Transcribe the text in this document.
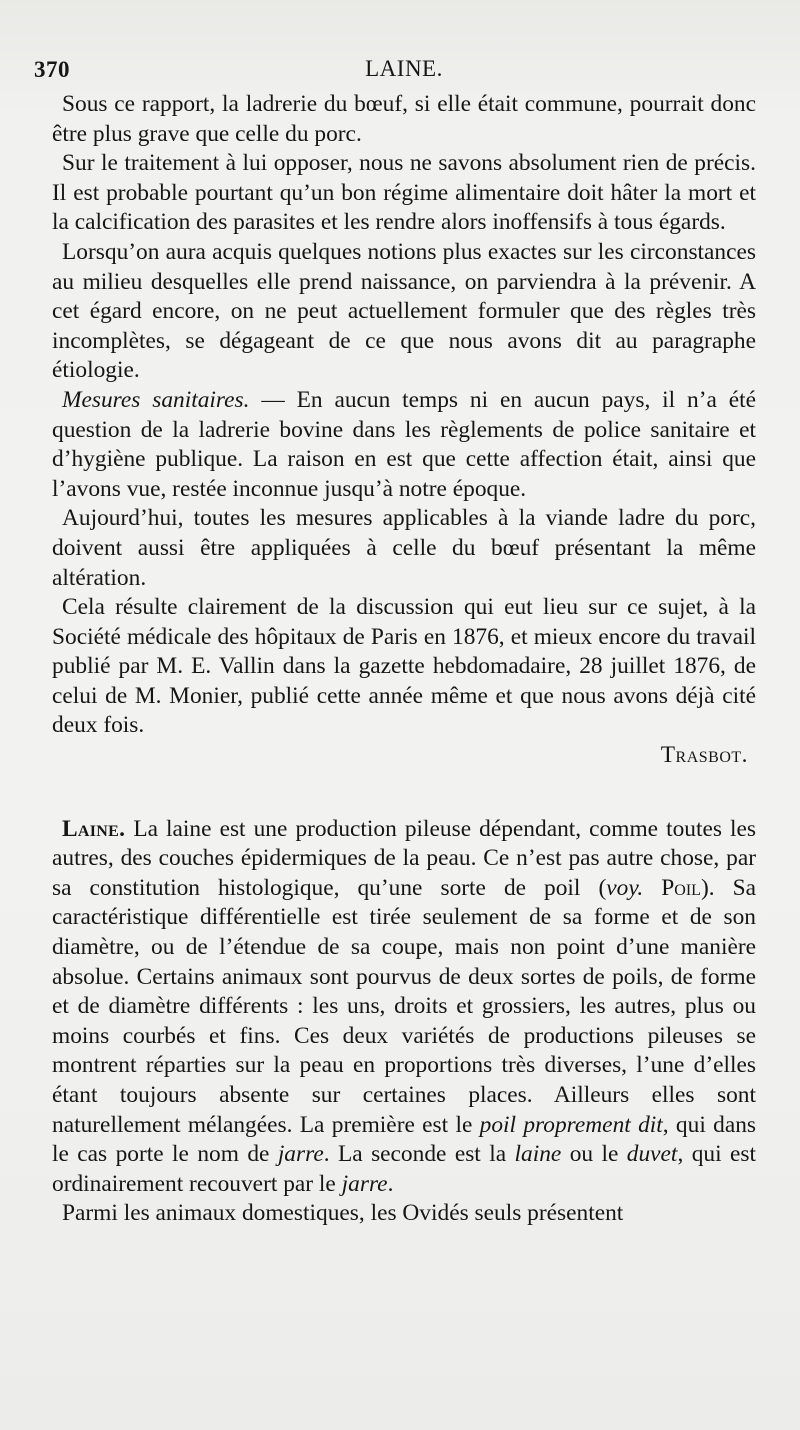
370	LAINE.

Sous ce rapport, la ladrerie du bœuf, si elle était commune, pourrait donc être plus grave que celle du porc.

Sur le traitement à lui opposer, nous ne savons absolument rien de précis. Il est probable pourtant qu’un bon régime alimentaire doit hâter la mort et la calcification des parasites et les rendre alors inoffensifs à tous égards.

Lorsqu’on aura acquis quelques notions plus exactes sur les circonstances au milieu desquelles elle prend naissance, on parviendra à la prévenir. A cet égard encore, on ne peut actuellement formuler que des règles très incomplètes, se dégageant de ce que nous avons dit au paragraphe étiologie.

Mesures sanitaires. — En aucun temps ni en aucun pays, il n’a été question de la ladrerie bovine dans les règlements de police sanitaire et d’hygiène publique. La raison en est que cette affection était, ainsi que l’avons vue, restée inconnue jusqu’à notre époque.

Aujourd’hui, toutes les mesures applicables à la viande ladre du porc, doivent aussi être appliquées à celle du bœuf présentant la même altération.

Cela résulte clairement de la discussion qui eut lieu sur ce sujet, à la Société médicale des hôpitaux de Paris en 1876, et mieux encore du travail publié par M. E. Vallin dans la gazette hebdomadaire, 28 juillet 1876, de celui de M. Monier, publié cette année même et que nous avons déjà cité deux fois.

Trasbot.

Laine. La laine est une production pileuse dépendant, comme toutes les autres, des couches épidermiques de la peau. Ce n’est pas autre chose, par sa constitution histologique, qu’une sorte de poil (voy. Poil). Sa caractéristique différentielle est tirée seulement de sa forme et de son diamètre, ou de l’étendue de sa coupe, mais non point d’une manière absolue. Certains animaux sont pourvus de deux sortes de poils, de forme et de diamètre différents : les uns, droits et grossiers, les autres, plus ou moins courbés et fins. Ces deux variétés de productions pileuses se montrent réparties sur la peau en proportions très diverses, l’une d’elles étant toujours absente sur certaines places. Ailleurs elles sont naturellement mélangées. La première est le poil proprement dit, qui dans le cas porte le nom de jarre. La seconde est la laine ou le duvet, qui est ordinairement recouvert par le jarre.

Parmi les animaux domestiques, les Ovidés seuls présentent
